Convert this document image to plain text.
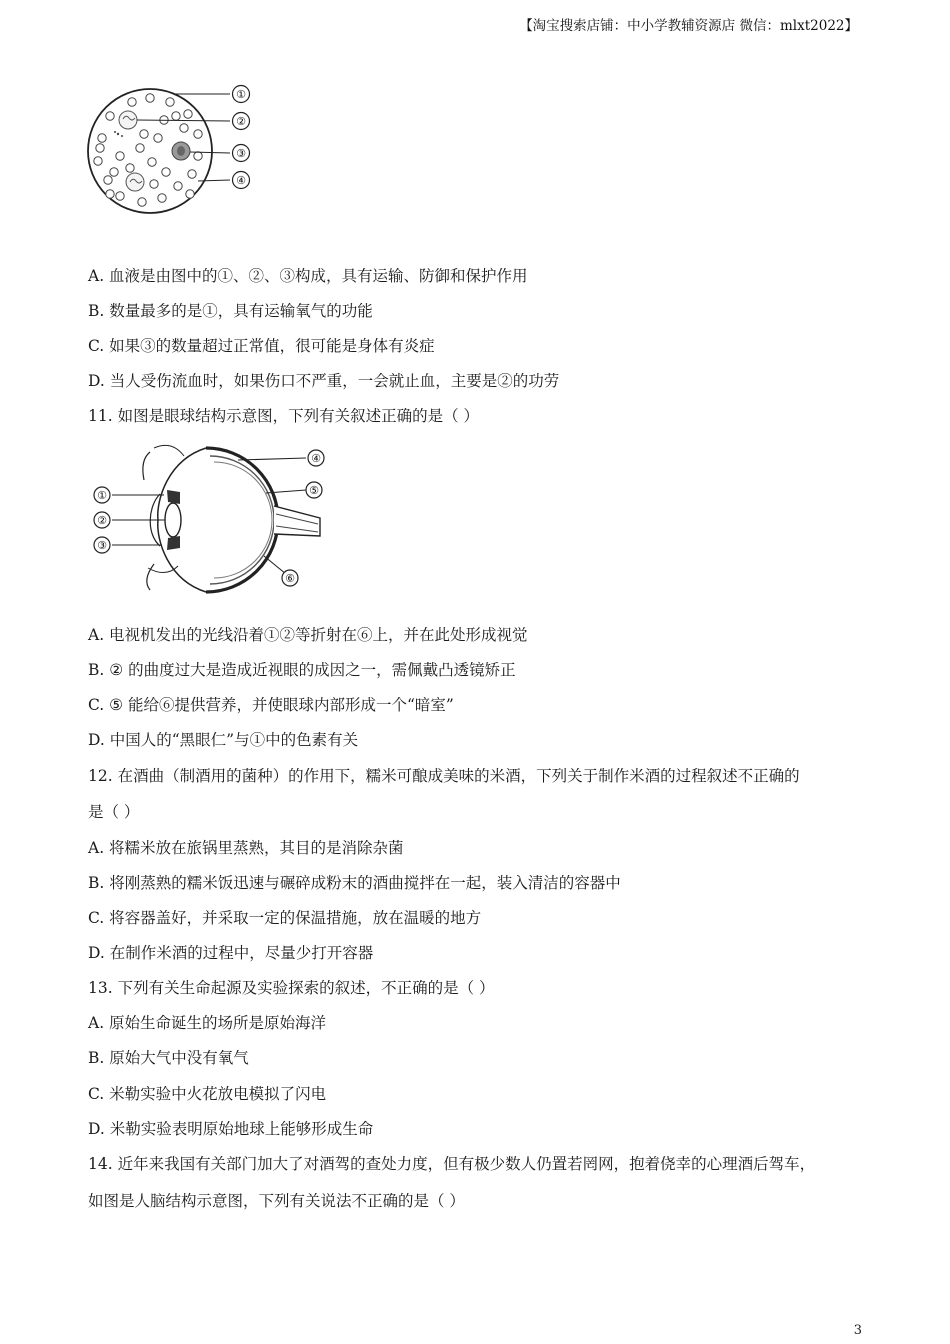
【淘宝搜索店铺：中小学教辅资源店 微信：mlxt2022】
①
②
③
④
A. 血液是由图中的①、②、③构成，具有运输、防御和保护作用
B. 数量最多的是①，具有运输氧气的功能
C. 如果③的数量超过正常值，很可能是身体有炎症
D. 当人受伤流血时，如果伤口不严重，一会就止血，主要是②的功劳
11. 如图是眼球结构示意图，下列有关叙述正确的是（ ）
①
②
③
④
⑤
⑥
A. 电视机发出的光线沿着①②等折射在⑥上，并在此处形成视觉
B. ② 的曲度过大是造成近视眼的成因之一，需佩戴凸透镜矫正
C. ⑤ 能给⑥提供营养，并使眼球内部形成一个“暗室”
D. 中国人的“黑眼仁”与①中的色素有关
12. 在酒曲（制酒用的菌种）的作用下，糯米可酿成美味的米酒，下列关于制作米酒的过程叙述不正确的
是（ ）
A. 将糯米放在旅锅里蒸熟，其目的是消除杂菌
B. 将刚蒸熟的糯米饭迅速与碾碎成粉末的酒曲搅拌在一起，装入清洁的容器中
C. 将容器盖好，并采取一定的保温措施，放在温暖的地方
D. 在制作米酒的过程中，尽量少打开容器
13. 下列有关生命起源及实验探索的叙述，不正确的是（ ）
A. 原始生命诞生的场所是原始海洋
B. 原始大气中没有氧气
C. 米勒实验中火花放电模拟了闪电
D. 米勒实验表明原始地球上能够形成生命
14. 近年来我国有关部门加大了对酒驾的查处力度，但有极少数人仍置若罔网，抱着侥幸的心理酒后驾车，
如图是人脑结构示意图，下列有关说法不正确的是（ ）
3
